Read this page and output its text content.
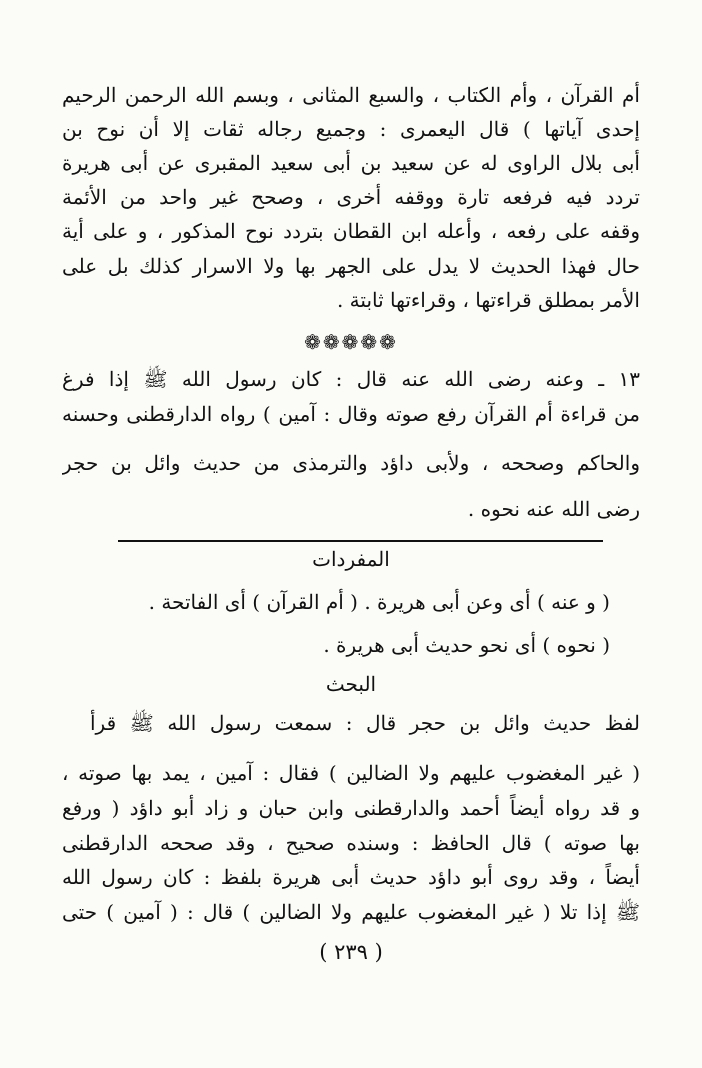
أم القرآن ، وأم الكتاب ، والسبع المثانى ، وبسم الله الرحمن الرحيم
إحدى آياتها ) قال اليعمرى : وجميع رجاله ثقات إلا أن نوح بن
أبى بلال الراوى له عن سعيد بن أبى سعيد المقبرى عن أبى هريرة
تردد فيه فرفعه تارة ووقفه أخرى ، وصحح غير واحد من الأئمة
وقفه على رفعه ، وأعله ابن القطان بتردد نوح المذكور ، و على أية
حال فهذا الحديث لا يدل على الجهر بها ولا الاسرار كذلك بل على
الأمر بمطلق قراءتها ، وقراءتها ثابتة .
❁❁❁❁❁
١٣ ـ وعنه رضى الله عنه قال : كان رسول الله ﷺ إذا فرغ
من قراءة أم القرآن رفع صوته وقال : آمين ) رواه الدارقطنى وحسنه
والحاكم وصححه ، ولأبى داؤد والترمذى من حديث وائل بن حجر
رضى الله عنه نحوه .
المفردات
( و عنه ) أى وعن أبى هريرة . ( أم القرآن ) أى الفاتحة .
( نحوه ) أى نحو حديث أبى هريرة .
البحث
لفظ حديث وائل بن حجر قال : سمعت رسول الله ﷺ قرأ
( غير المغضوب عليهم ولا الضالين ) فقال : آمين ، يمد بها صوته ،
و قد رواه أيضاً أحمد والدارقطنى وابن حبان و زاد أبو داؤد ( ورفع
بها صوته ) قال الحافظ : وسنده صحيح ، وقد صححه الدارقطنى
أيضاً ، وقد روى أبو داؤد حديث أبى هريرة بلفظ : كان رسول الله
ﷺ إذا تلا ( غير المغضوب عليهم ولا الضالين ) قال : ( آمين ) حتى
( ٢٣٩ )
